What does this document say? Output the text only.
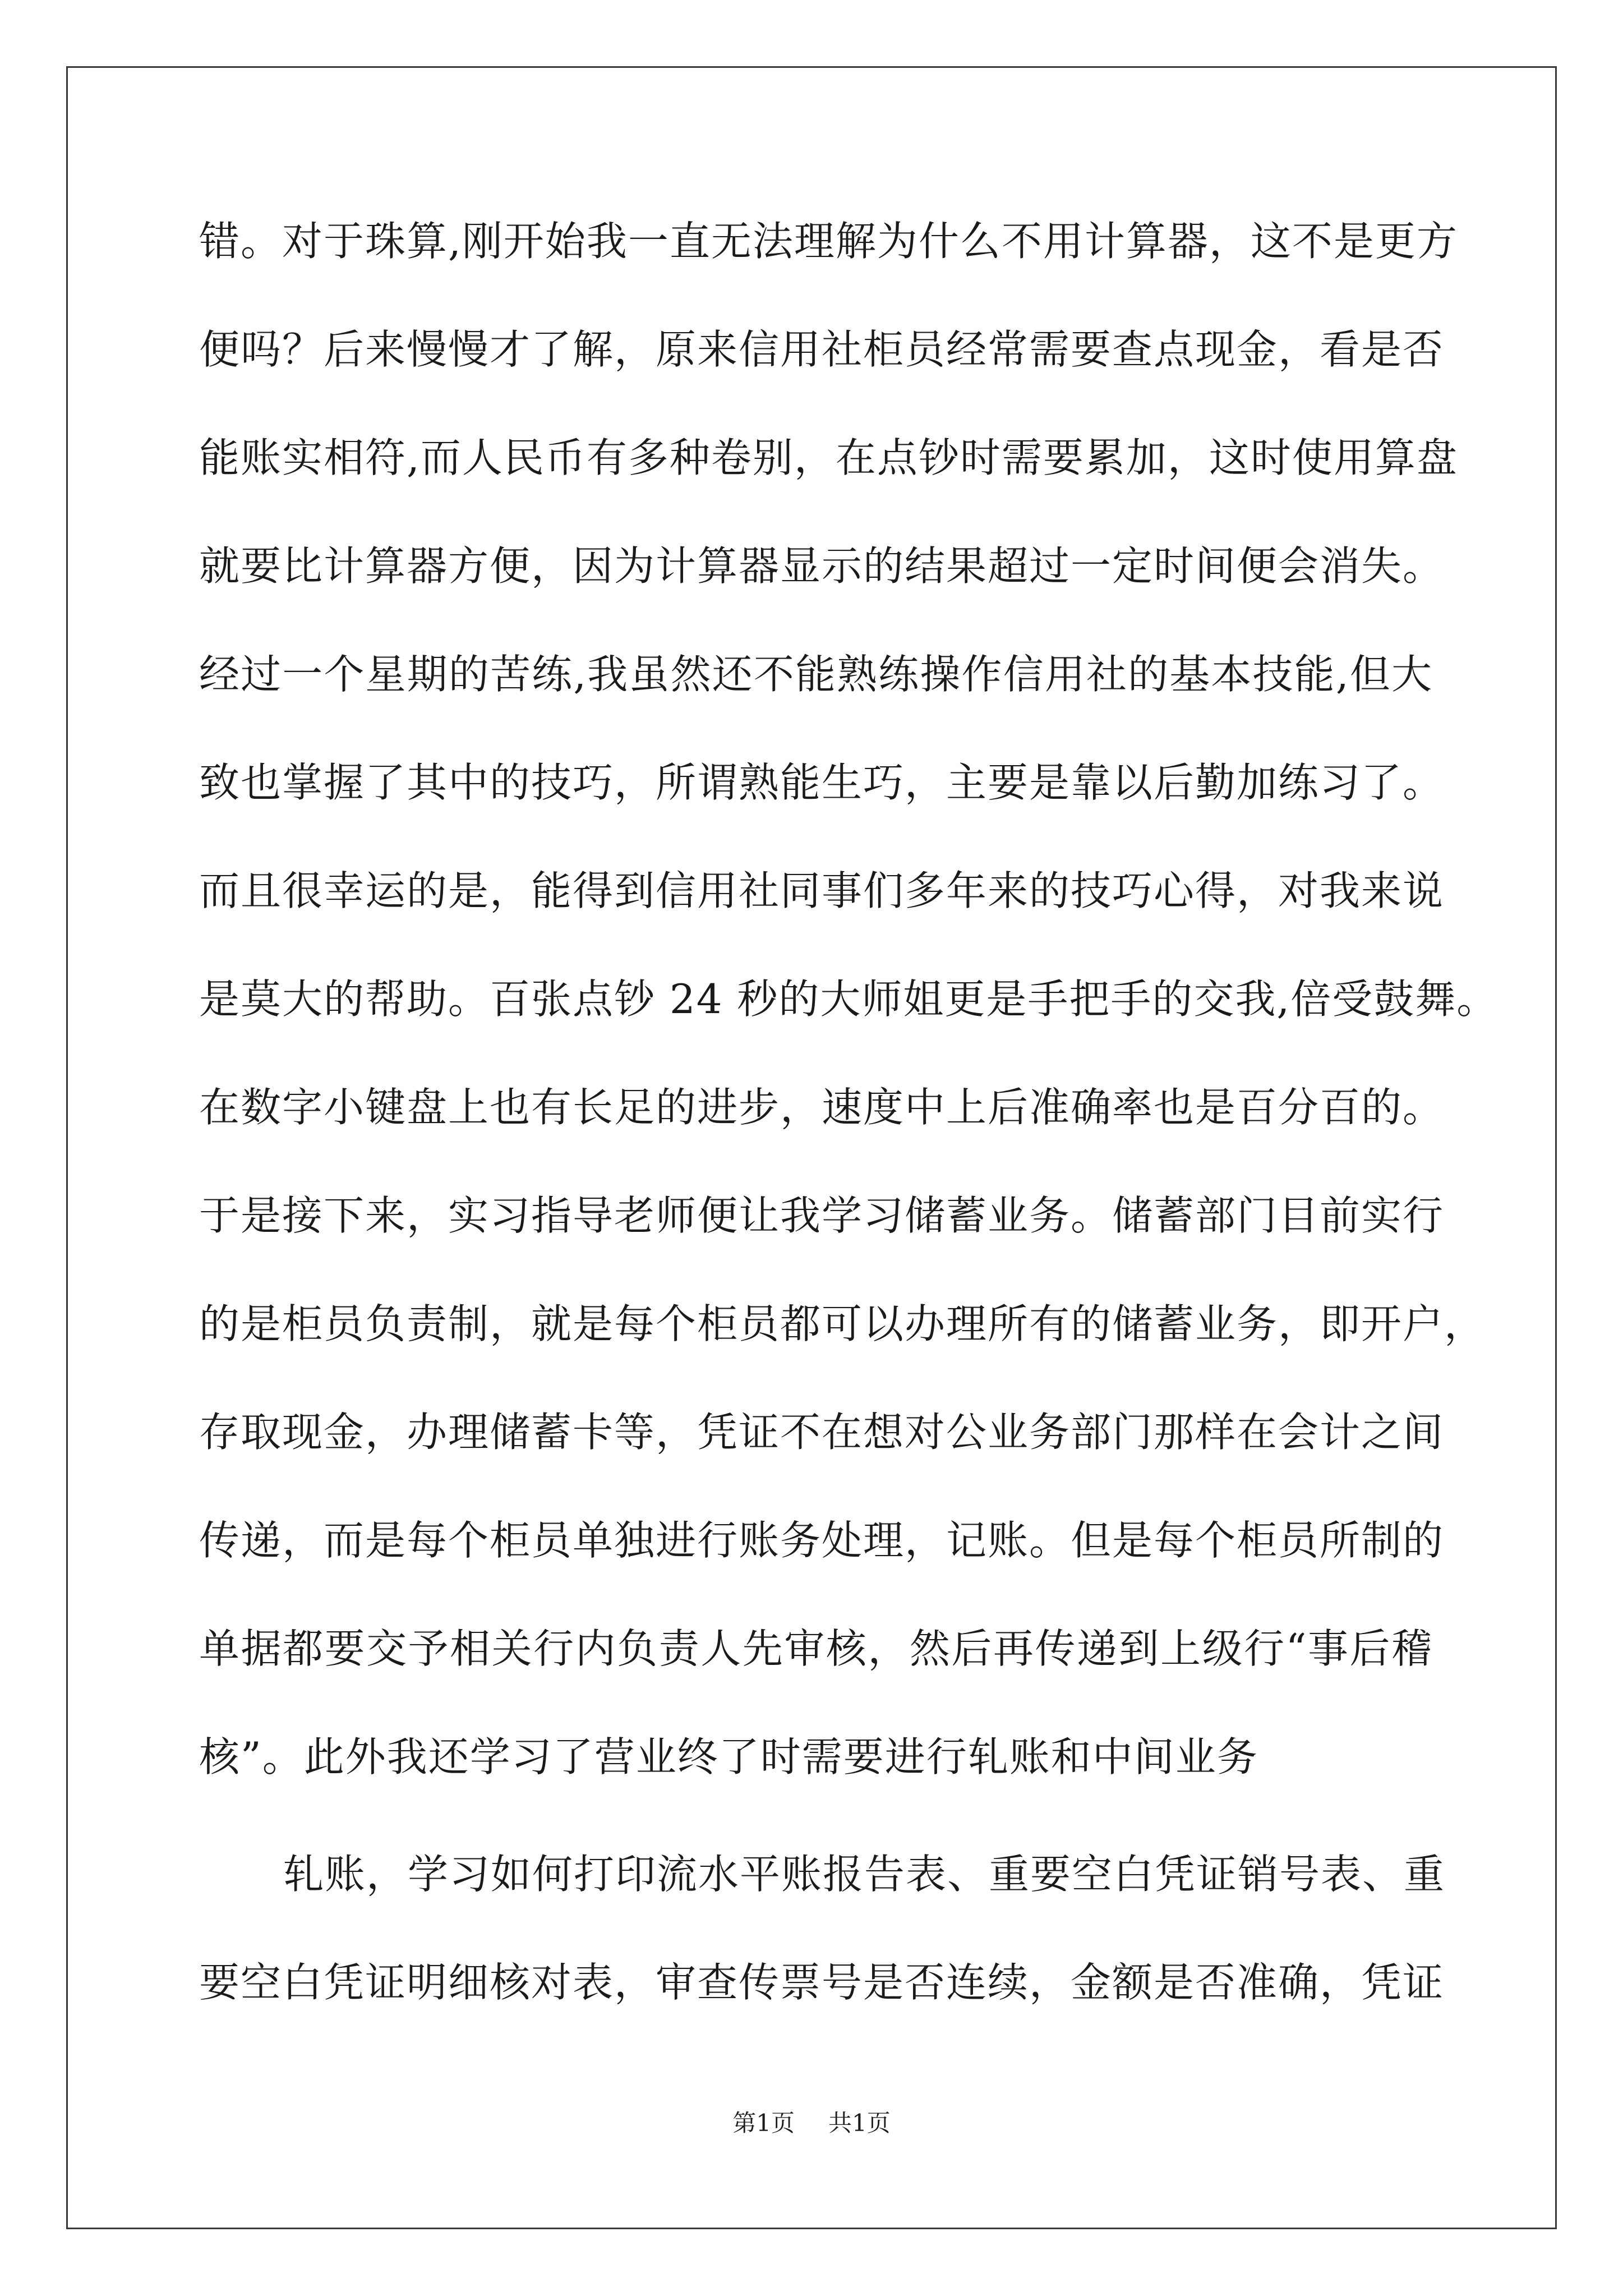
错。对于珠算,刚开始我一直无法理解为什么不用计算器，这不是更方
便吗？后来慢慢才了解，原来信用社柜员经常需要查点现金，看是否
能账实相符,而人民币有多种卷别，在点钞时需要累加，这时使用算盘
就要比计算器方便，因为计算器显示的结果超过一定时间便会消失。
经过一个星期的苦练,我虽然还不能熟练操作信用社的基本技能,但大
致也掌握了其中的技巧，所谓熟能生巧，主要是靠以后勤加练习了。
而且很幸运的是，能得到信用社同事们多年来的技巧心得，对我来说
是莫大的帮助。百张点钞 24 秒的大师姐更是手把手的交我,倍受鼓舞。
在数字小键盘上也有长足的进步，速度中上后准确率也是百分百的。
于是接下来，实习指导老师便让我学习储蓄业务。储蓄部门目前实行
的是柜员负责制，就是每个柜员都可以办理所有的储蓄业务，即开户，
存取现金，办理储蓄卡等，凭证不在想对公业务部门那样在会计之间
传递，而是每个柜员单独进行账务处理，记账。但是每个柜员所制的
单据都要交予相关行内负责人先审核，然后再传递到上级行“事后稽
核”。此外我还学习了营业终了时需要进行轧账和中间业务
轧账，学习如何打印流水平账报告表、重要空白凭证销号表、重
要空白凭证明细核对表，审查传票号是否连续，金额是否准确，凭证
第1页 共1页
